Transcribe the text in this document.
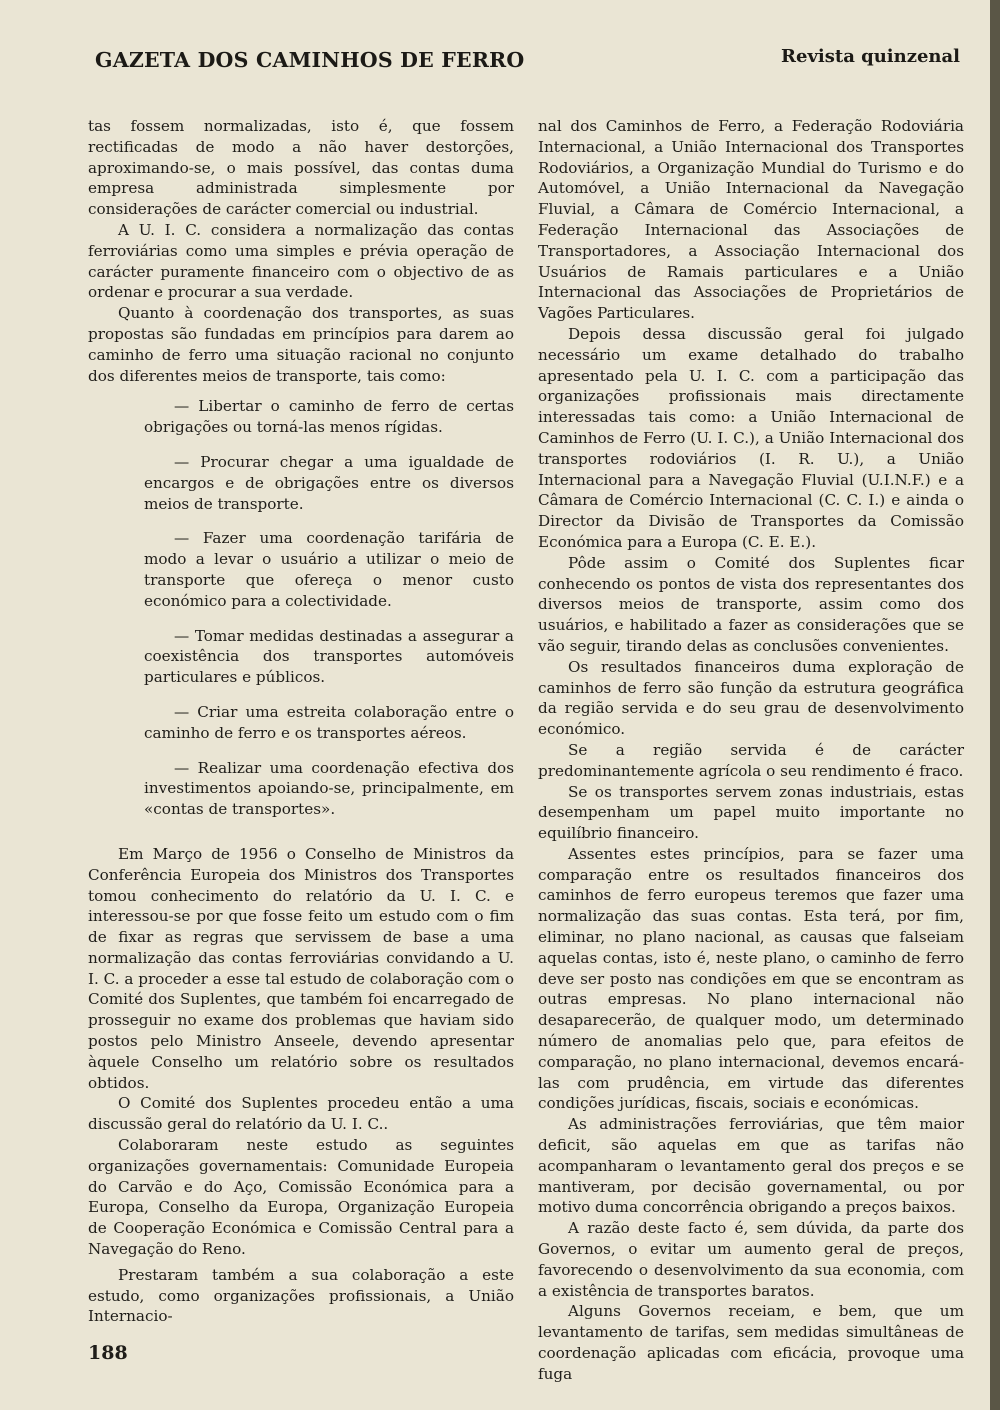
GAZETA DOS CAMINHOS DE FERRO	Revista quinzenal

tas fossem normalizadas, isto é, que fossem rectificadas de modo a não haver destorções, aproximando-se, o mais possível, das contas duma empresa administrada simplesmente por considerações de carácter comercial ou industrial.

A U. I. C. considera a normalização das contas ferroviárias como uma simples e prévia operação de carácter puramente financeiro com o objectivo de as ordenar e procurar a sua verdade.

Quanto à coordenação dos transportes, as suas propostas são fundadas em princípios para darem ao caminho de ferro uma situação racional no conjunto dos diferentes meios de transporte, tais como:

— Libertar o caminho de ferro de certas obrigações ou torná-las menos rígidas.

— Procurar chegar a uma igualdade de encargos e de obrigações entre os diversos meios de transporte.

— Fazer uma coordenação tarifária de modo a levar o usuário a utilizar o meio de transporte que ofereça o menor custo económico para a colectividade.

— Tomar medidas destinadas a assegurar a coexistência dos transportes automóveis particulares e públicos.

— Criar uma estreita colaboração entre o caminho de ferro e os transportes aéreos.

— Realizar uma coordenação efectiva dos investimentos apoiando-se, principalmente, em «contas de transportes».

Em Março de 1956 o Conselho de Ministros da Conferência Europeia dos Ministros dos Transportes tomou conhecimento do relatório da U. I. C. e interessou-se por que fosse feito um estudo com o fim de fixar as regras que servissem de base a uma normalização das contas ferroviárias convidando a U. I. C. a proceder a esse tal estudo de colaboração com o Comité dos Suplentes, que também foi encarregado de prosseguir no exame dos problemas que haviam sido postos pelo Ministro Anseele, devendo apresentar àquele Conselho um relatório sobre os resultados obtidos.

O Comité dos Suplentes procedeu então a uma discussão geral do relatório da U. I. C..

Colaboraram neste estudo as seguintes organizações governamentais: Comunidade Europeia do Carvão e do Aço, Comissão Económica para a Europa, Conselho da Europa, Organização Europeia de Cooperação Económica e Comissão Central para a Navegação do Reno.

Prestaram também a sua colaboração a este estudo, como organizações profissionais, a União Internacio-

nal dos Caminhos de Ferro, a Federação Rodoviária Internacional, a União Internacional dos Transportes Rodoviários, a Organização Mundial do Turismo e do Automóvel, a União Internacional da Navegação Fluvial, a Câmara de Comércio Internacional, a Federação Internacional das Associações de Transportadores, a Associação Internacional dos Usuários de Ramais particulares e a União Internacional das Associações de Proprietários de Vagões Particulares.

Depois dessa discussão geral foi julgado necessário um exame detalhado do trabalho apresentado pela U. I. C. com a participação das organizações profissionais mais directamente interessadas tais como: a União Internacional de Caminhos de Ferro (U. I. C.), a União Internacional dos transportes rodoviários (I. R. U.), a União Internacional para a Navegação Fluvial (U.I.N.F.) e a Câmara de Comércio Internacional (C. C. I.) e ainda o Director da Divisão de Transportes da Comissão Económica para a Europa (C. E. E.).

Pôde assim o Comité dos Suplentes ficar conhecendo os pontos de vista dos representantes dos diversos meios de transporte, assim como dos usuários, e habilitado a fazer as considerações que se vão seguir, tirando delas as conclusões convenientes.

Os resultados financeiros duma exploração de caminhos de ferro são função da estrutura geográfica da região servida e do seu grau de desenvolvimento económico.

Se a região servida é de carácter predominantemente agrícola o seu rendimento é fraco.

Se os transportes servem zonas industriais, estas desempenham um papel muito importante no equilíbrio financeiro.

Assentes estes princípios, para se fazer uma comparação entre os resultados financeiros dos caminhos de ferro europeus teremos que fazer uma normalização das suas contas. Esta terá, por fim, eliminar, no plano nacional, as causas que falseiam aquelas contas, isto é, neste plano, o caminho de ferro deve ser posto nas condições em que se encontram as outras empresas. No plano internacional não desaparecerão, de qualquer modo, um determinado número de anomalias pelo que, para efeitos de comparação, no plano internacional, devemos encará-las com prudência, em virtude das diferentes condições jurídicas, fiscais, sociais e económicas.

As administrações ferroviárias, que têm maior deficit, são aquelas em que as tarifas não acompanharam o levantamento geral dos preços e se mantiveram, por decisão governamental, ou por motivo duma concorrência obrigando a preços baixos.

A razão deste facto é, sem dúvida, da parte dos Governos, o evitar um aumento geral de preços, favorecendo o desenvolvimento da sua economia, com a existência de transportes baratos.

Alguns Governos receiam, e bem, que um levantamento de tarifas, sem medidas simultâneas de coordenação aplicadas com eficácia, provoque uma fuga

188
